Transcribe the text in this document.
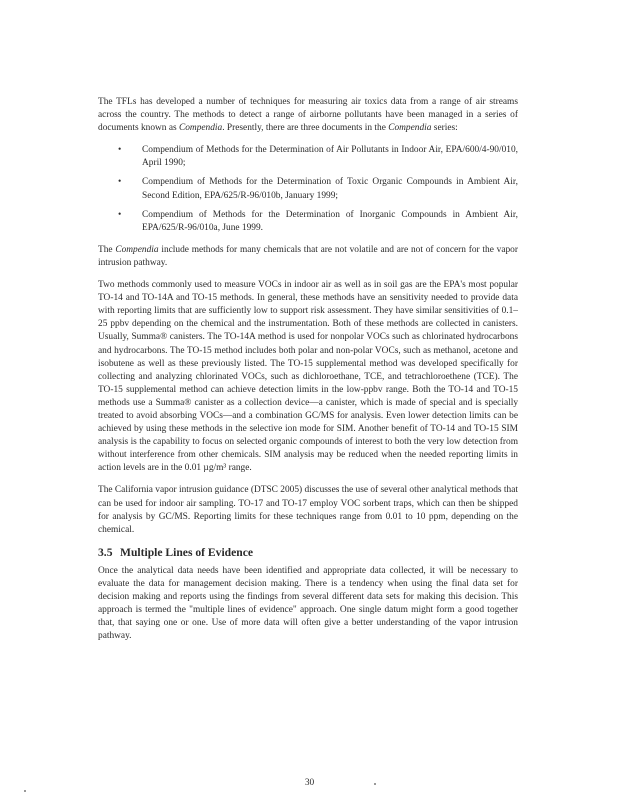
The TFLs has developed a number of techniques for measuring air toxics data from a range of air streams across the country. The methods to detect a range of airborne pollutants have been managed in a series of documents known as Compendia. Presently, there are three documents in the Compendia series:

• Compendium of Methods for the Determination of Air Pollutants in Indoor Air, EPA/600/4-90/010, April 1990;
• Compendium of Methods for the Determination of Toxic Organic Compounds in Ambient Air, Second Edition, EPA/625/R-96/010b, January 1999;
• Compendium of Methods for the Determination of Inorganic Compounds in Ambient Air, EPA/625/R-96/010a, June 1999.

The Compendia include methods for many chemicals that are not volatile and are not of concern for the vapor intrusion pathway.

Two methods commonly used to measure VOCs in indoor air as well as in soil gas are the EPA's most popular TO-14 and TO-14A and TO-15 methods. In general, these methods have an sensitivity needed to provide data with reporting limits that are sufficiently low to support risk assessment. They have similar sensitivities of 0.1–25 ppbv depending on the chemical and the instrumentation. Both of these methods are collected in canisters. Usually, Summa® canisters. The TO-14A method is used for nonpolar VOCs such as chlorinated hydrocarbons and hydrocarbons. The TO-15 method includes both polar and non-polar VOCs, such as methanol, acetone and isobutene as well as these previously listed. The TO-15 supplemental method was developed specifically for collecting and analyzing chlorinated VOCs, such as dichloroethane, TCE, and tetrachloroethene (TCE). The TO-15 supplemental method can achieve detection limits in the low-ppbv range. Both the TO-14 and TO-15 methods use a Summa® canister as a collection device—a canister, which is made of special and is specially treated to avoid absorbing VOCs—and a combination GC/MS for analysis. Even lower detection limits can be achieved by using these methods in the selective ion mode for SIM. Another benefit of TO-14 and TO-15 SIM analysis is the capability to focus on selected organic compounds of interest to both the very low detection from without interference from other chemicals. SIM analysis may be reduced when the needed reporting limits in action levels are in the 0.01 µg/m³ range.

The California vapor intrusion guidance (DTSC 2005) discusses the use of several other analytical methods that can be used for indoor air sampling. TO-17 and TO-17 employ VOC sorbent traps, which can then be shipped for analysis by GC/MS. Reporting limits for these techniques range from 0.01 to 10 ppm, depending on the chemical.

3.5 Multiple Lines of Evidence

Once the analytical data needs have been identified and appropriate data collected, it will be necessary to evaluate the data for management decision making. There is a tendency when using the final data set for decision making and reports using the findings from several different data sets for making this decision. This approach is termed the "multiple lines of evidence" approach. One single datum might form a good together that, that saying one or one. Use of more data will often give a better understanding of the vapor intrusion pathway.

30
